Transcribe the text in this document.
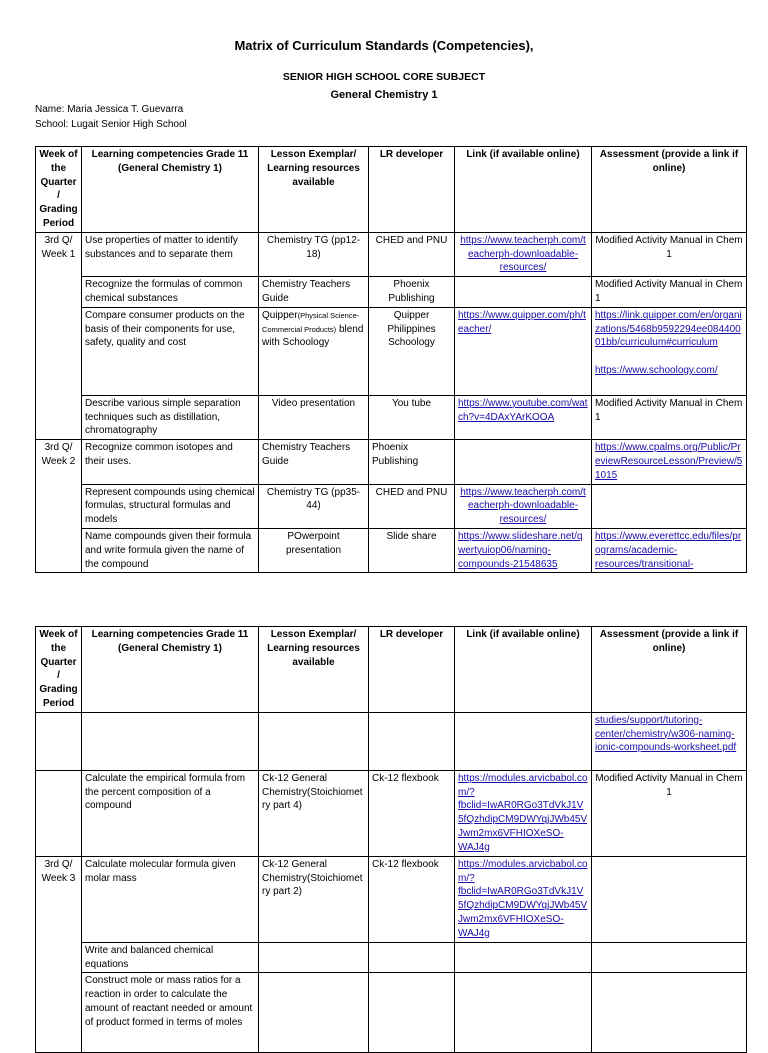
Matrix of Curriculum Standards (Competencies),
SENIOR HIGH SCHOOL CORE SUBJECT
General Chemistry 1
Name: Maria Jessica T. Guevarra
School: Lugait Senior High School
Week of the Quarter / Grading Period	Learning competencies Grade 11 (General Chemistry 1)	Lesson Exemplar/ Learning resources available	LR developer	Link (if available online)	Assessment (provide a link if online)
3rd Q/ Week 1	Use properties of matter to identify substances and to separate them	Chemistry TG (pp12-18)	CHED and PNU	https://www.teacherph.com/teacherph-downloadable-resources/	Modified Activity Manual in Chem 1
	Recognize the formulas of common chemical substances	Chemistry Teachers Guide	Phoenix Publishing		Modified Activity Manual in Chem 1
	Compare consumer products on the basis of their components for use, safety, quality and cost	Quipper(Physical Science-Commercial Products) blend with Schoology	Quipper Philippines Schoology	https://www.quipper.com/ph/teacher/	https://link.quipper.com/en/organizations/5468b9592294ee08440001bb/curriculum#curriculum
https://www.schoology.com/
	Describe various simple separation techniques such as distillation, chromatography	Video presentation	You tube	https://www.youtube.com/watch?v=4DAxYArKOOA	Modified Activity Manual in Chem 1
3rd Q/ Week 2	Recognize common isotopes and their uses.	Chemistry Teachers Guide	Phoenix Publishing		https://www.cpalms.org/Public/PreviewResourceLesson/Preview/51015
	Represent compounds using chemical formulas, structural formulas and models	Chemistry TG (pp35-44)	CHED and PNU	https://www.teacherph.com/teacherph-downloadable-resources/	
	Name compounds given their formula and write formula given the name of the compound	POwerpoint presentation	Slide share	https://www.slideshare.net/qwertyuiop06/naming-compounds-21548635	https://www.everettcc.edu/files/programs/academic-resources/transitional-
Week of the Quarter / Grading Period	Learning competencies Grade 11 (General Chemistry 1)	Lesson Exemplar/ Learning resources available	LR developer	Link (if available online)	Assessment (provide a link if online)
					studies/support/tutoring-center/chemistry/w306-naming-ionic-compounds-worksheet.pdf
	Calculate the empirical formula from the percent composition of a compound	Ck-12 General Chemistry(Stoichiometry part 4)	Ck-12 flexbook	https://modules.arvicbabol.com/?fbclid=IwAR0RGo3TdVkJ1V5fQzhdipCM9DWYqjJWb45VJwm2mx6VFHIOXeSO-WAJ4g	Modified Activity Manual in Chem 1
3rd Q/ Week 3	Calculate molecular formula given molar mass	Ck-12 General Chemistry(Stoichiometry part 2)	Ck-12 flexbook	https://modules.arvicbabol.com/?fbclid=IwAR0RGo3TdVkJ1V5fQzhdipCM9DWYqjJWb45VJwm2mx6VFHIOXeSO-WAJ4g	
	Write and balanced chemical equations				
	Construct mole or mass ratios for a reaction in order to calculate the amount of reactant needed or amount of product formed in terms of moles				
